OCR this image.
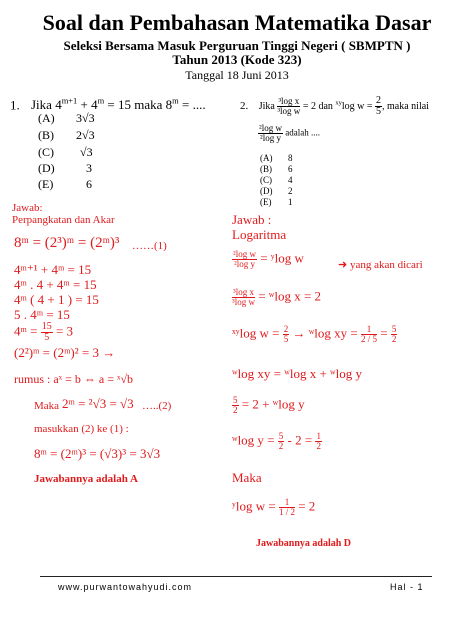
Soal dan Pembahasan Matematika Dasar
Seleksi Bersama Masuk Perguruan Tinggi Negeri ( SBMPTN )
Tahun 2013 (Kode 323)
Tanggal 18 Juni 2013
1. Jika $4^{m+1} + 4^m = 15$ maka $8^m$ = ....
(A) 3√3
(B) 2√3
(C) √3
(D)	3
(E)	6
2. Jika $\frac{\text{³log x}}{\text{³log w}} = 2$ dan $^{xy}$log $w = \frac{2}{5}$ , maka nilai
$\frac{\text{²log w}}{\text{²log y}}$ adalah ....
(A) 8
(B) 6
(C) 4
(D) 2
(E) 1
Jawab:
Perpangkatan dan Akar
8ᵐ = (2³)ᵐ = (2ᵐ)³ ……(1)
4ᵐ⁺¹ + 4ᵐ = 15
4ᵐ . 4 + 4ᵐ = 15
4ᵐ ( 4 + 1 ) = 15
5 . 4ᵐ = 15
4ᵐ = $\frac{15}{5} = 3$
(2²)ᵐ = (2ᵐ)² = 3 →
rumus : aˣ = b ⇔ a = ˣ√b
Maka 2ᵐ = ²√3 = √3 …..(2)
masukkan (2) ke (1) :
8ᵐ = (2ᵐ)³ = (√3)³ = 3√3
Jawabannya adalah A
Jawab :
Logaritma
$\frac{\text{²log w}}{\text{²log y}}$ = ʸlog w	➜ yang akan dicari
$\frac{\text{³log x}}{\text{³log w}}$ = ʷlog x = 2
ˣʸlog $w = \frac{2}{5}$ → ʷlog xy = $\frac{1}{2 / 5} = \frac{5}{2}$
ʷlog xy = ʷlog x + ʷlog y
$\frac{5}{2} = 2$ + ʷlog y
ʷlog $y = \frac{5}{2} - 2 = \frac{1}{2}$
Maka
ʸlog $w = \frac{1}{1 / 2} = 2$
Jawabannya adalah D
www.purwantowahyudi.com	Hal - 1
